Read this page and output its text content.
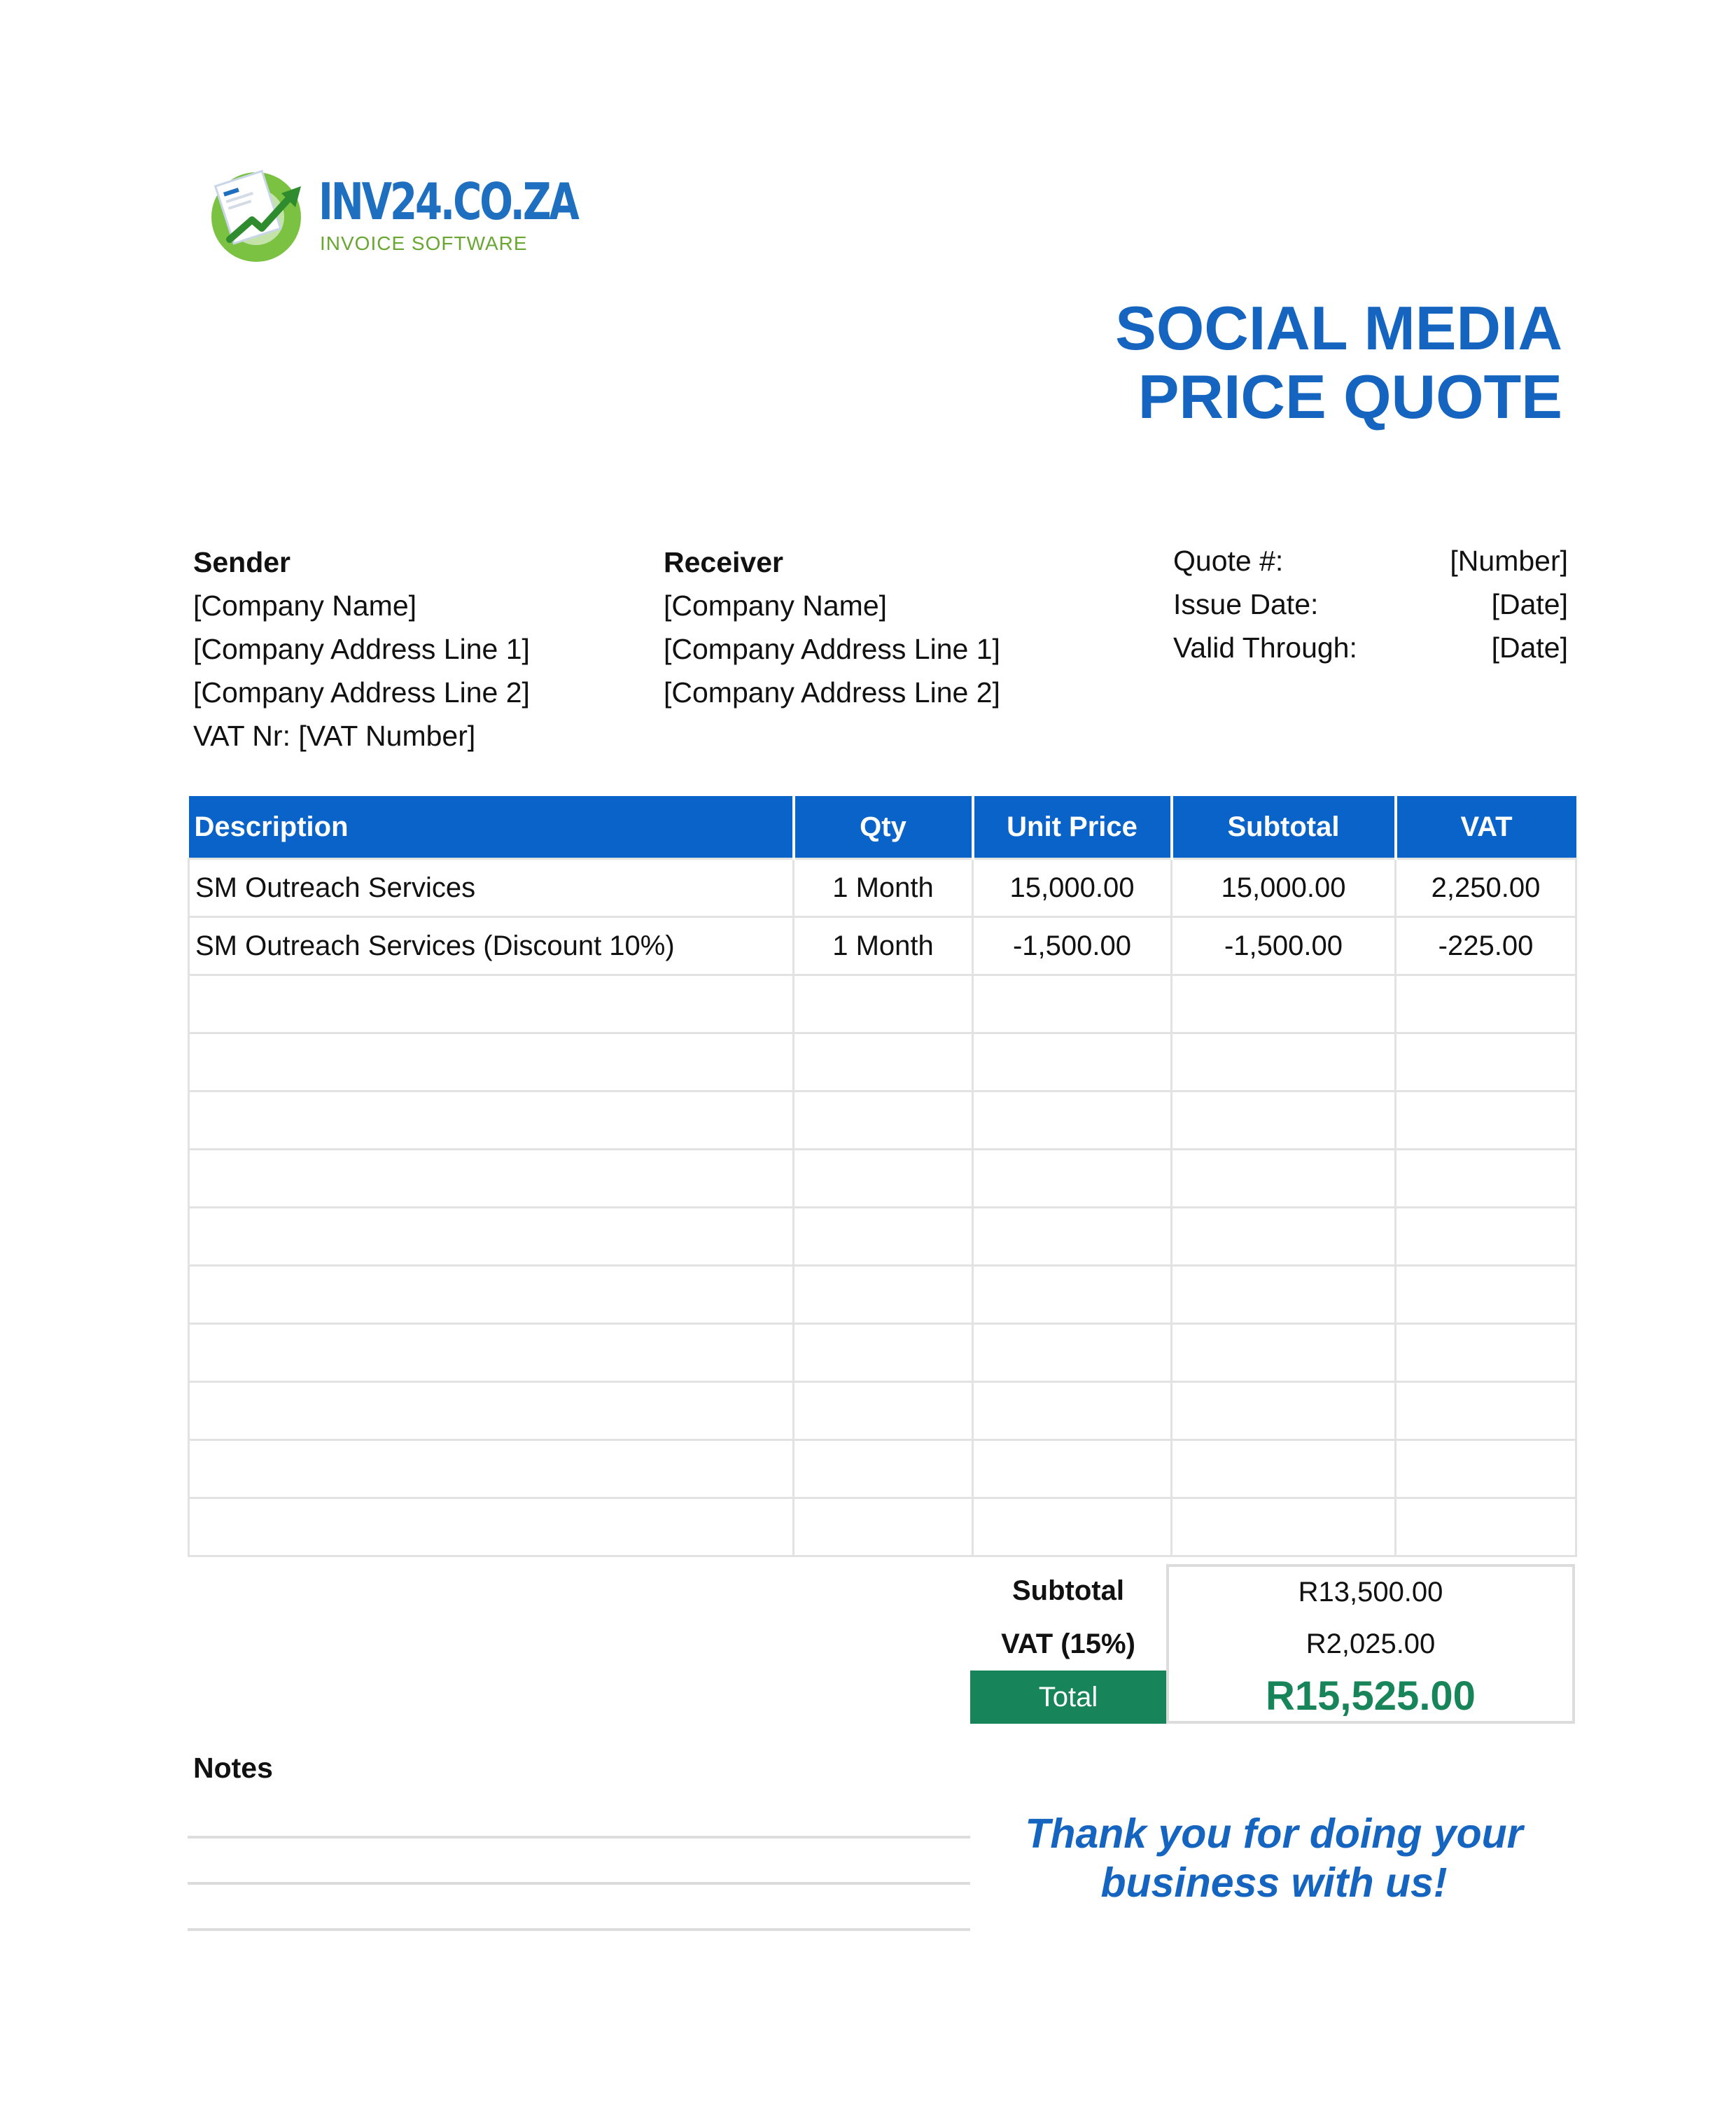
INV24.CO.ZA
INVOICE SOFTWARE
SOCIAL MEDIA
PRICE QUOTE
Sender
[Company Name]
[Company Address Line 1]
[Company Address Line 2]
VAT Nr: [VAT Number]
Receiver
[Company Name]
[Company Address Line 1]
[Company Address Line 2]
Quote #:	[Number]
Issue Date:	[Date]
Valid Through:	[Date]
Description	Qty	Unit Price	Subtotal	VAT
SM Outreach Services	1 Month	15,000.00	15,000.00	2,250.00
SM Outreach Services (Discount 10%)	1 Month	-1,500.00	-1,500.00	-225.00

Subtotal	R13,500.00
VAT (15%)	R2,025.00
Total	R15,525.00
Notes
Thank you for doing your
business with us!
